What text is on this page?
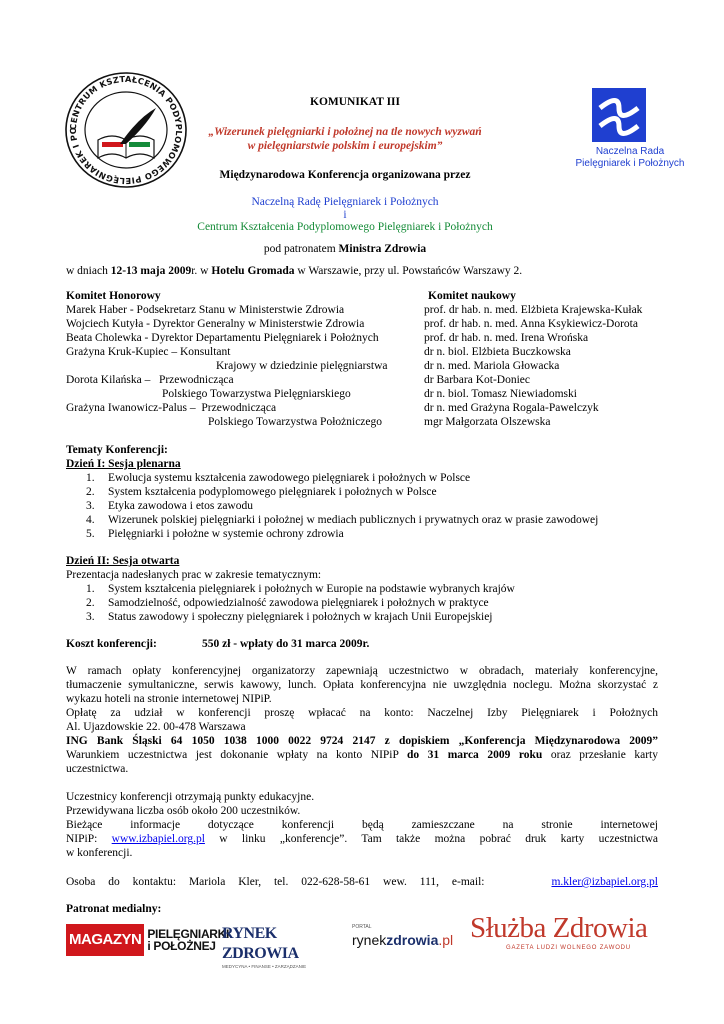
CENTRUM KSZTAŁCENIA PODYPLOMOWEGO PIELĘGNIAREK I PO
Naczelna Rada
Pielęgniarek i Położnych
KOMUNIKAT III
„Wizerunek pielęgniarki i położnej na tle nowych wyzwań
w pielęgniarstwie polskim i europejskim”
Międzynarodowa Konferencja organizowana przez
Naczelną Radę Pielęgniarek i Położnych
i
Centrum Kształcenia Podyplomowego Pielęgniarek i Położnych
pod patronatem Ministra Zdrowia
w dniach 12-13 maja 2009r. w Hotelu Gromada w Warszawie, przy ul. Powstańców Warszawy 2.
Komitet Honorowy
Marek Haber - Podsekretarz Stanu w Ministerstwie Zdrowia
Wojciech Kutyła - Dyrektor Generalny w Ministerstwie Zdrowia
Beata Cholewka - Dyrektor Departamentu Pielęgniarek i Położnych
Grażyna Kruk-Kupiec – Konsultant
Krajowy w dziedzinie pielęgniarstwa
Dorota Kilańska –   Przewodnicząca
Polskiego Towarzystwa Pielęgniarskiego
Grażyna Iwanowicz-Palus –  Przewodnicząca
Polskiego Towarzystwa Położniczego
Komitet naukowy
prof. dr hab. n. med. Elżbieta Krajewska-Kułak
prof. dr hab. n. med. Anna Ksykiewicz-Dorota
prof. dr hab. n. med. Irena Wrońska
dr n. biol. Elżbieta Buczkowska
dr n. med. Mariola Głowacka
dr Barbara Kot-Doniec
dr n. biol. Tomasz Niewiadomski
dr n. med Grażyna Rogala-Pawelczyk
mgr Małgorzata Olszewska
Tematy Konferencji:
Dzień I: Sesja plenarna
1. Ewolucja systemu kształcenia zawodowego pielęgniarek i położnych w Polsce
2. System kształcenia podyplomowego pielęgniarek i położnych w Polsce
3. Etyka zawodowa i etos zawodu
4. Wizerunek polskiej pielęgniarki i położnej w mediach publicznych i prywatnych oraz w prasie zawodowej
5. Pielęgniarki i położne w systemie ochrony zdrowia
Dzień II: Sesja otwarta
Prezentacja nadesłanych prac w zakresie tematycznym:
1. System kształcenia pielęgniarek i położnych w Europie na podstawie wybranych krajów
2. Samodzielność, odpowiedzialność zawodowa pielęgniarek i położnych w praktyce
3. Status zawodowy i społeczny pielęgniarek i położnych w krajach Unii Europejskiej
Koszt konferencji:	550 zł - wpłaty do 31 marca 2009r.
W ramach opłaty konferencyjnej organizatorzy zapewniają uczestnictwo w obradach, materiały konferencyjne,
tłumaczenie symultaniczne, serwis kawowy, lunch. Opłata konferencyjna nie uwzględnia noclegu. Można skorzystać z
wykazu hoteli na stronie internetowej NIPiP.
Opłatę za udział w konferencji proszę wpłacać na konto: Naczelnej Izby Pielęgniarek i Położnych
Al. Ujazdowskie 22. 00-478 Warszawa
ING Bank Śląski 64 1050 1038 1000 0022 9724 2147 z dopiskiem „Konferencja Międzynarodowa 2009”
Warunkiem uczestnictwa jest dokonanie wpłaty na konto NIPiP do 31 marca 2009 roku oraz przesłanie karty
uczestnictwa.
Uczestnicy konferencji otrzymają punkty edukacyjne.
Przewidywana liczba osób około 200 uczestników.
Bieżące informacje dotyczące konferencji będą zamieszczane na stronie internetowej
NIPiP: www.izbapiel.org.pl w linku „konferencje”. Tam także można pobrać druk karty uczestnictwa
w konferencji.
Osoba do kontaktu: Mariola Kler, tel. 022-628-58-61 wew. 111, e-mail:	m.kler@izbapiel.org.pl
Patronat medialny:
MAGAZYN PIELĘGNIARKI
i POŁOŻNEJ
RYNEK ZDROWIA
MEDYCYNA • FINANSE • ZARZĄDZANIE
PORTAL
rynekzdrowia.pl Służba Zdrowia
GAZETA LUDZI WOLNEGO ZAWODU
